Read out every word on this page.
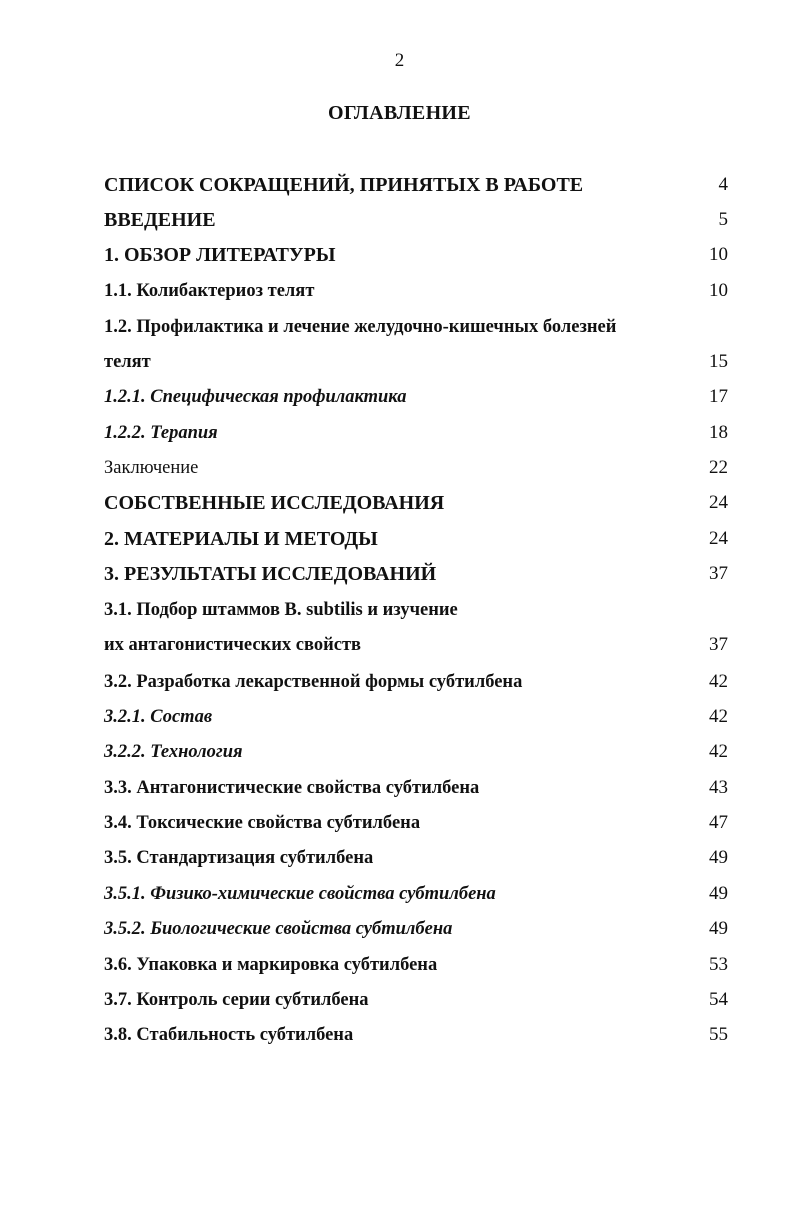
2
ОГЛАВЛЕНИЕ
СПИСОК СОКРАЩЕНИЙ, ПРИНЯТЫХ В РАБОТЕ	4
ВВЕДЕНИЕ	5
1. ОБЗОР ЛИТЕРАТУРЫ	10
1.1. Колибактериоз телят	10
1.2. Профилактика и лечение желудочно-кишечных болезней
телят	15
1.2.1. Специфическая профилактика	17
1.2.2. Терапия	18
Заключение	22
СОБСТВЕННЫЕ ИССЛЕДОВАНИЯ	24
2. МАТЕРИАЛЫ И МЕТОДЫ	24
3. РЕЗУЛЬТАТЫ ИССЛЕДОВАНИЙ	37
3.1. Подбор штаммов B. subtilis и изучение
их антагонистических свойств	37
3.2. Разработка лекарственной формы субтилбена	42
3.2.1. Состав	42
3.2.2. Технология	42
3.3. Антагонистические свойства субтилбена	43
3.4. Токсические свойства субтилбена	47
3.5. Стандартизация субтилбена	49
3.5.1. Физико-химические свойства субтилбена	49
3.5.2. Биологические свойства субтилбена	49
3.6. Упаковка и маркировка субтилбена	53
3.7. Контроль серии субтилбена	54
3.8. Стабильность субтилбена	55
